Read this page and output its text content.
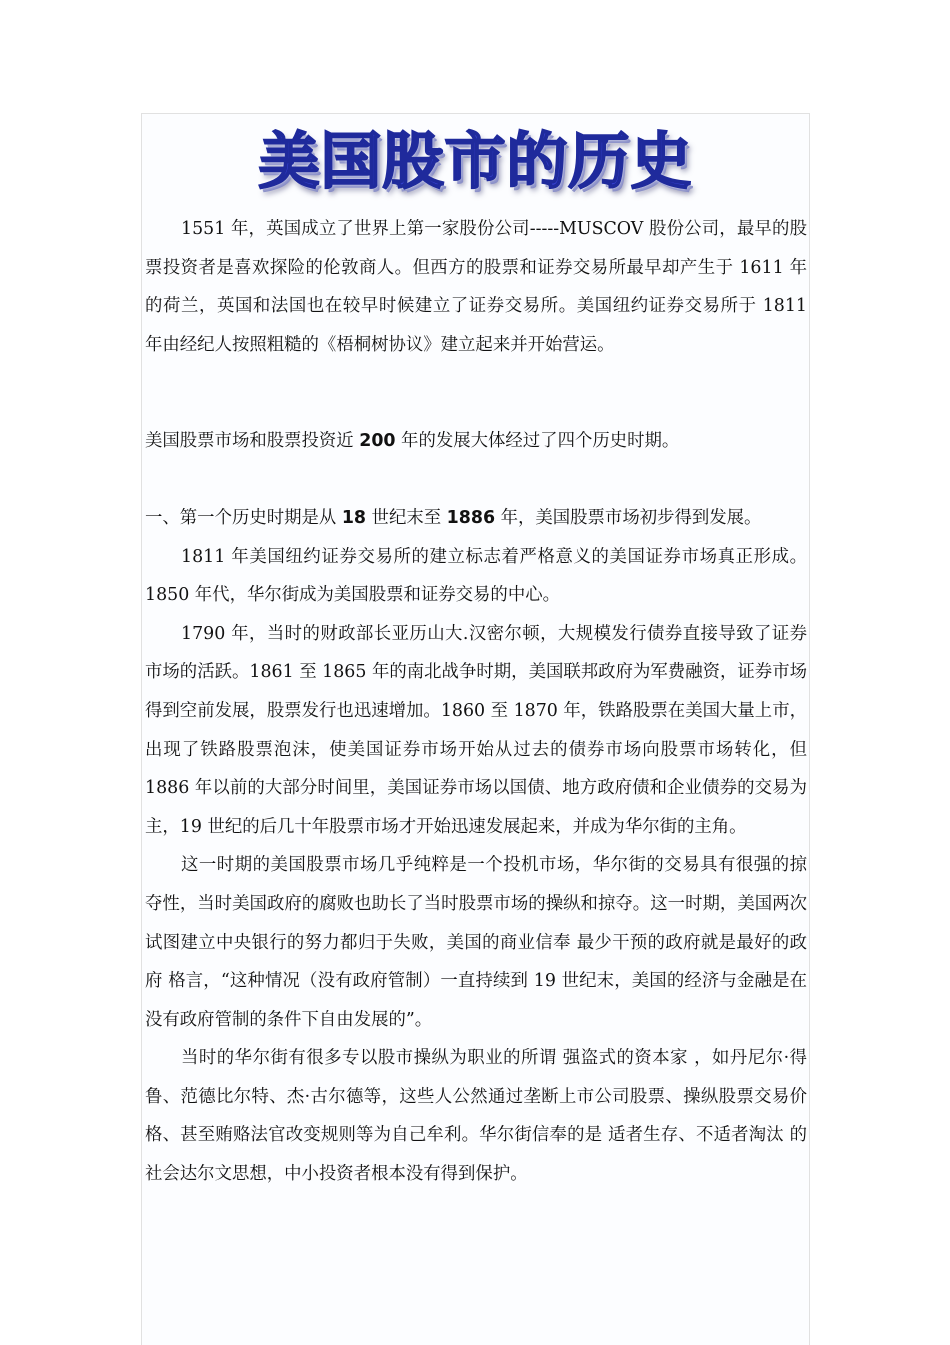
美国股市的历史

1551 年，英国成立了世界上第一家股份公司-----MUSCOV 股份公司，最早的股票投资者是喜欢探险的伦敦商人。但西方的股票和证券交易所最早却产生于 1611 年的荷兰，英国和法国也在较早时候建立了证券交易所。美国纽约证券交易所于 1811 年由经纪人按照粗糙的《梧桐树协议》建立起来并开始营运。

美国股票市场和股票投资近 200 年的发展大体经过了四个历史时期。

一、第一个历史时期是从 18 世纪末至 1886 年，美国股票市场初步得到发展。

1811 年美国纽约证券交易所的建立标志着严格意义的美国证券市场真正形成。1850 年代，华尔街成为美国股票和证券交易的中心。

1790 年，当时的财政部长亚历山大.汉密尔顿，大规模发行债券直接导致了证券市场的活跃。1861 至 1865 年的南北战争时期，美国联邦政府为军费融资，证券市场得到空前发展，股票发行也迅速增加。1860 至 1870 年，铁路股票在美国大量上市，出现了铁路股票泡沫，使美国证券市场开始从过去的债券市场向股票市场转化，但 1886 年以前的大部分时间里，美国证券市场以国债、地方政府债和企业债券的交易为主，19 世纪的后几十年股票市场才开始迅速发展起来，并成为华尔街的主角。

这一时期的美国股票市场几乎纯粹是一个投机市场，华尔街的交易具有很强的掠夺性，当时美国政府的腐败也助长了当时股票市场的操纵和掠夺。这一时期，美国两次试图建立中央银行的努力都归于失败，美国的商业信奉 最少干预的政府就是最好的政府 格言，“这种情况（没有政府管制）一直持续到 19 世纪末，美国的经济与金融是在没有政府管制的条件下自由发展的”。

当时的华尔街有很多专以股市操纵为职业的所谓 强盗式的资本家 ，如丹尼尔·得鲁、范德比尔特、杰·古尔德等，这些人公然通过垄断上市公司股票、操纵股票交易价格、甚至贿赂法官改变规则等为自己牟利。华尔街信奉的是 适者生存、不适者淘汰 的社会达尔文思想，中小投资者根本没有得到保护。
